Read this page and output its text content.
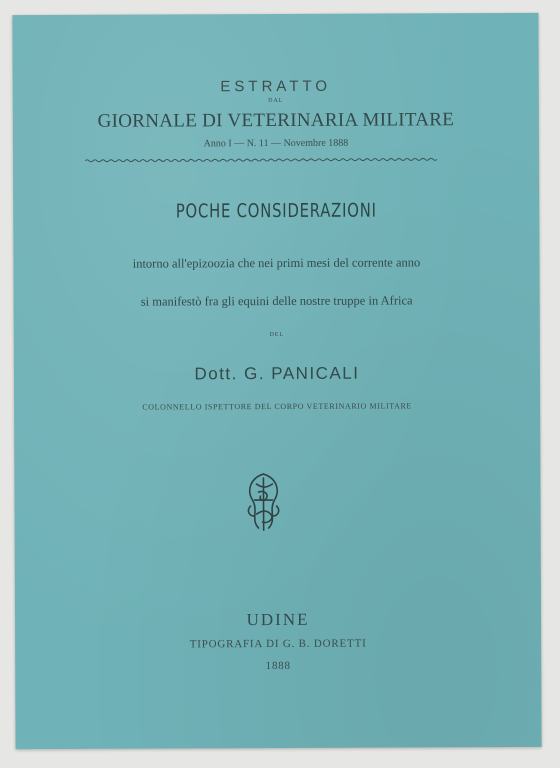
ESTRATTO
DAL
GIORNALE DI VETERINARIA MILITARE
Anno I — N. 11 — Novembre 1888
POCHE CONSIDERAZIONI
intorno all'epizoozia che nei primi mesi del corrente anno
si manifestò fra gli equini delle nostre truppe in Africa
DEL
Dott. G. PANICALI
COLONNELLO ISPETTORE DEL CORPO VETERINARIO MILITARE
UDINE
TIPOGRAFIA DI G. B. DORETTI
1888
